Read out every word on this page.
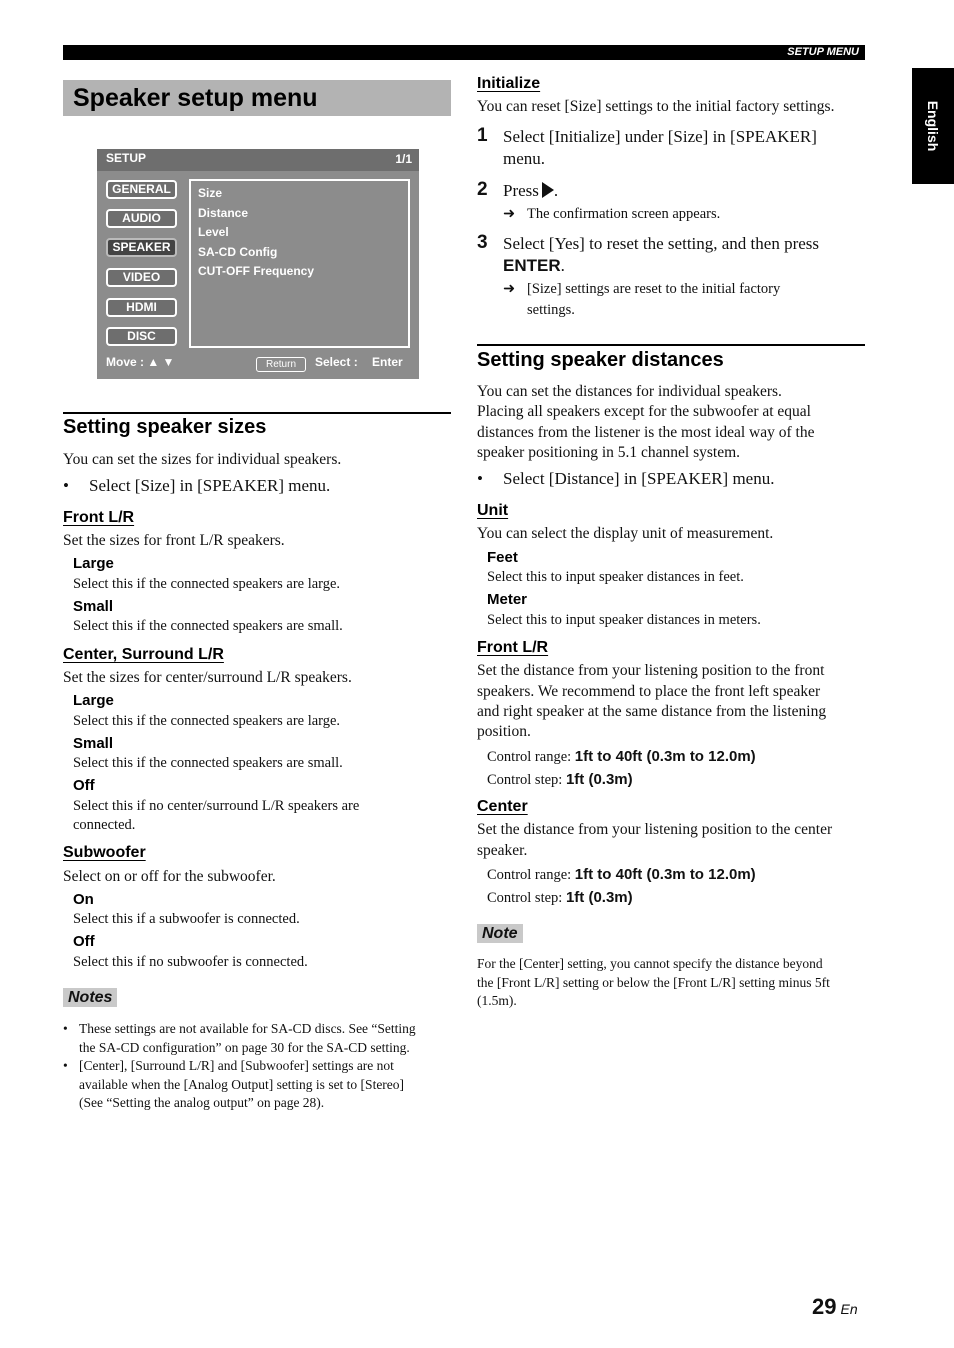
SETUP MENU
English
Speaker setup menu
SETUP	1/1
GENERAL
AUDIO
SPEAKER
VIDEO
HDMI
DISC
Size
Distance
Level
SA-CD Config
CUT-OFF Frequency
Move : ▲ ▼	Return	Select : Enter
Setting speaker sizes
You can set the sizes for individual speakers.
• Select [Size] in [SPEAKER] menu.
Front L/R
Set the sizes for front L/R speakers.
Large
Select this if the connected speakers are large.
Small
Select this if the connected speakers are small.
Center, Surround L/R
Set the sizes for center/surround L/R speakers.
Large
Select this if the connected speakers are large.
Small
Select this if the connected speakers are small.
Off
Select this if no center/surround L/R speakers are
connected.
Subwoofer
Select on or off for the subwoofer.
On
Select this if a subwoofer is connected.
Off
Select this if no subwoofer is connected.
Notes
• These settings are not available for SA-CD discs. See “Setting
the SA-CD configuration” on page 30 for the SA-CD setting.
• [Center], [Surround L/R] and [Subwoofer] settings are not
available when the [Analog Output] setting is set to [Stereo]
(See “Setting the analog output” on page 28).
Initialize
You can reset [Size] settings to the initial factory settings.
1 Select [Initialize] under [Size] in [SPEAKER]
menu.
2 Press .
➜ The confirmation screen appears.
3 Select [Yes] to reset the setting, and then press
ENTER.
➜ [Size] settings are reset to the initial factory
settings.
Setting speaker distances
You can set the distances for individual speakers.
Placing all speakers except for the subwoofer at equal
distances from the listener is the most ideal way of the
speaker positioning in 5.1 channel system.
• Select [Distance] in [SPEAKER] menu.
Unit
You can select the display unit of measurement.
Feet
Select this to input speaker distances in feet.
Meter
Select this to input speaker distances in meters.
Front L/R
Set the distance from your listening position to the front
speakers. We recommend to place the front left speaker
and right speaker at the same distance from the listening
position.
Control range: 1ft to 40ft (0.3m to 12.0m)
Control step: 1ft (0.3m)
Center
Set the distance from your listening position to the center
speaker.
Control range: 1ft to 40ft (0.3m to 12.0m)
Control step: 1ft (0.3m)
Note
For the [Center] setting, you cannot specify the distance beyond
the [Front L/R] setting or below the [Front L/R] setting minus 5ft
(1.5m).
29 En
